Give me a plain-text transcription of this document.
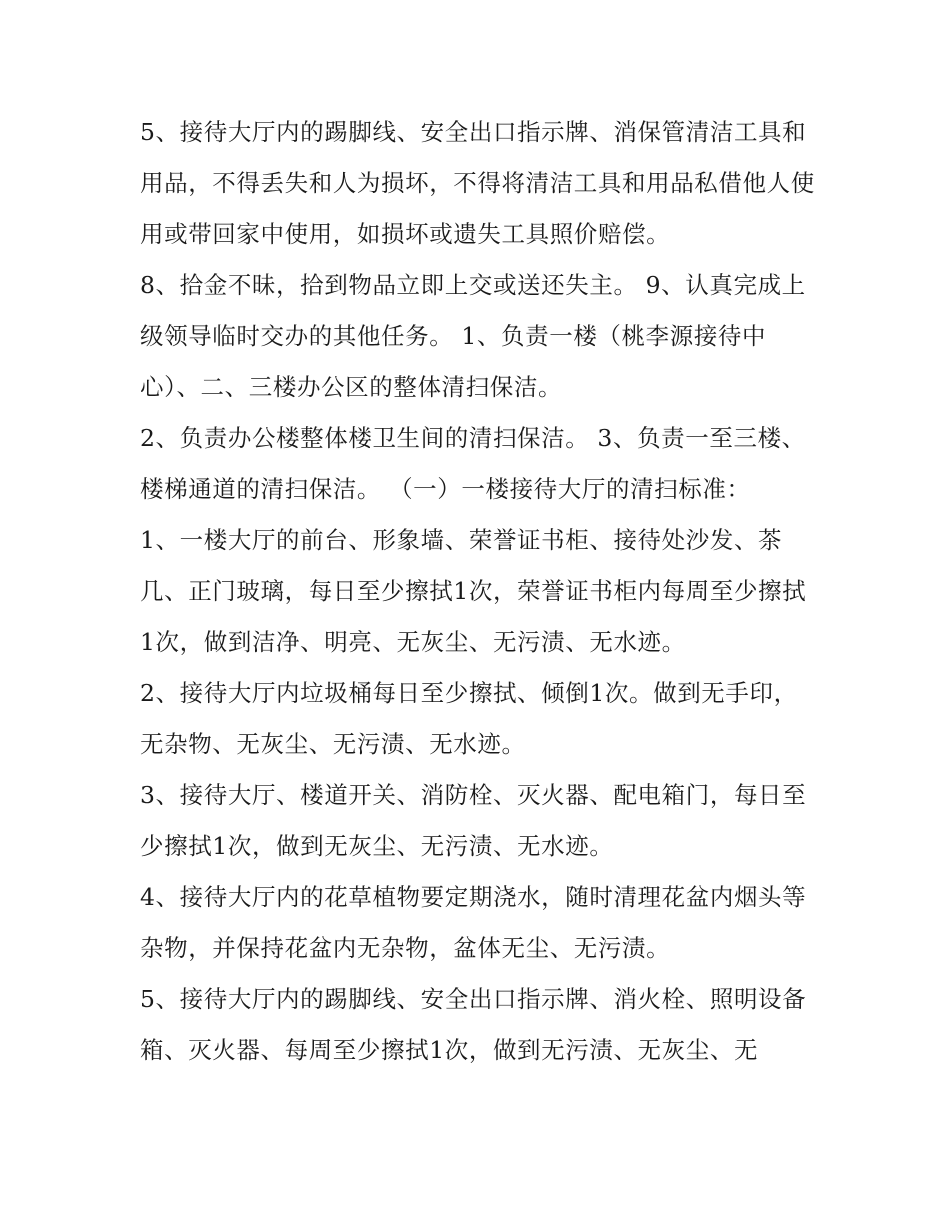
5、接待大厅内的踢脚线、安全出口指示牌、消保管清洁工具和用品，不得丢失和人为损坏，不得将清洁工具和用品私借他人使用或带回家中使用，如损坏或遗失工具照价赔偿。

8、拾金不昧，拾到物品立即上交或送还失主。 9、认真完成上级领导临时交办的其他任务。 1、负责一楼（桃李源接待中心）、二、三楼办公区的整体清扫保洁。

2、负责办公楼整体楼卫生间的清扫保洁。 3、负责一至三楼、楼梯通道的清扫保洁。 （一）一楼接待大厅的清扫标准：

1、一楼大厅的前台、形象墙、荣誉证书柜、接待处沙发、茶几、正门玻璃，每日至少擦拭1次，荣誉证书柜内每周至少擦拭1次，做到洁净、明亮、无灰尘、无污渍、无水迹。

2、接待大厅内垃圾桶每日至少擦拭、倾倒1次。做到无手印，无杂物、无灰尘、无污渍、无水迹。

3、接待大厅、楼道开关、消防栓、灭火器、配电箱门，每日至少擦拭1次，做到无灰尘、无污渍、无水迹。

4、接待大厅内的花草植物要定期浇水，随时清理花盆内烟头等杂物，并保持花盆内无杂物，盆体无尘、无污渍。

5、接待大厅内的踢脚线、安全出口指示牌、消火栓、照明设备箱、灭火器、每周至少擦拭1次，做到无污渍、无灰尘、无
